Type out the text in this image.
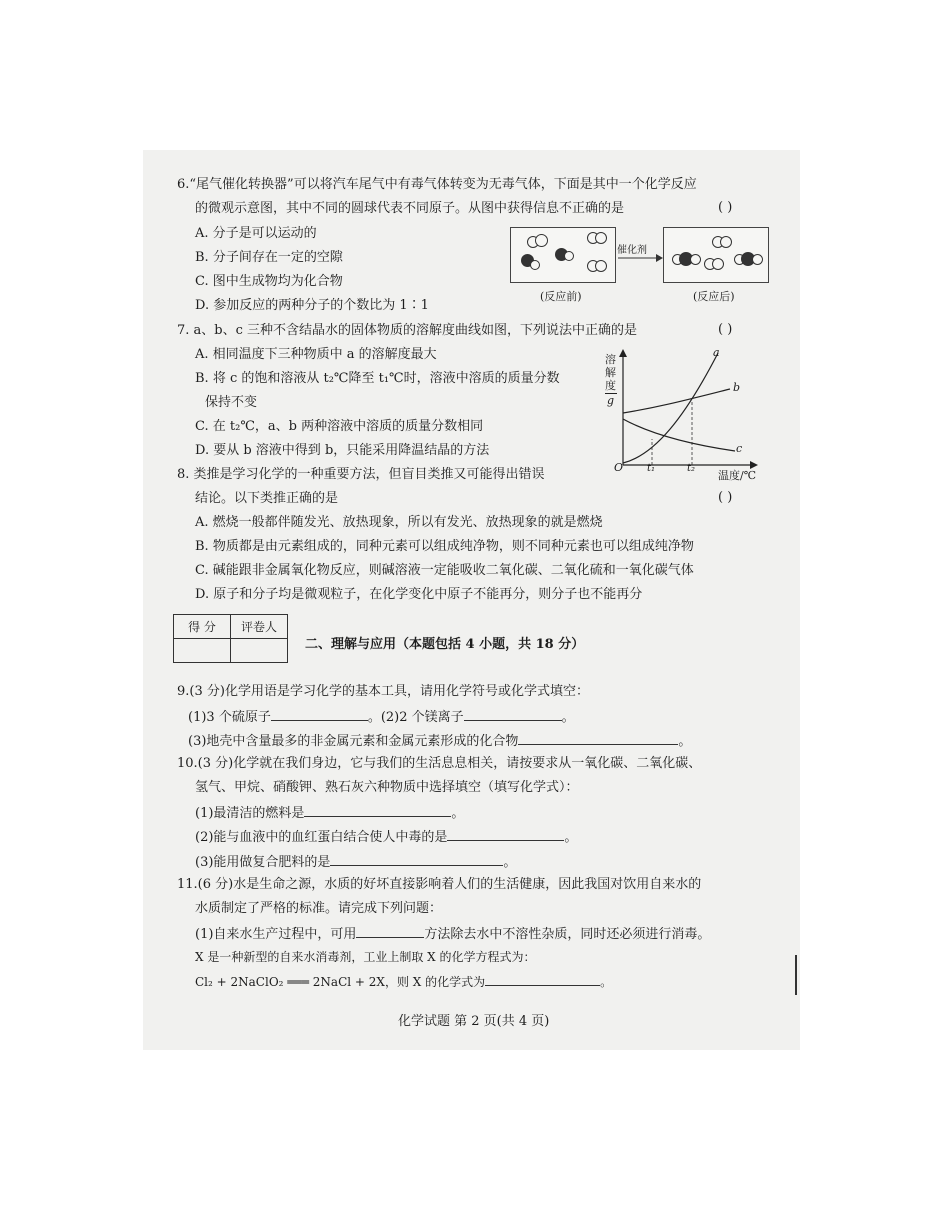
6.“尾气催化转换器”可以将汽车尾气中有毒气体转变为无毒气体，下面是其中一个化学反应
的微观示意图，其中不同的圆球代表不同原子。从图中获得信息不正确的是	( )
A. 分子是可以运动的
B. 分子间存在一定的空隙
C. 图中生成物均为化合物
D. 参加反应的两种分子的个数比为 1∶1
催化剂
(反应前)	(反应后)
7. a、b、c 三种不含结晶水的固体物质的溶解度曲线如图，下列说法中正确的是	( )
A. 相同温度下三种物质中 a 的溶解度最大
B. 将 c 的饱和溶液从 t₂℃降至 t₁℃时，溶液中溶质的质量分数
保持不变
C. 在 t₂℃，a、b 两种溶液中溶质的质量分数相同
D. 要从 b 溶液中得到 b，只能采用降温结晶的方法
溶
解
度
g
a
b
c
O t₁	t₂
温度/℃
8. 类推是学习化学的一种重要方法，但盲目类推又可能得出错误
结论。以下类推正确的是	( )
A. 燃烧一般都伴随发光、放热现象，所以有发光、放热现象的就是燃烧
B. 物质都是由元素组成的，同种元素可以组成纯净物，则不同种元素也可以组成纯净物
C. 碱能跟非金属氧化物反应，则碱溶液一定能吸收二氧化碳、二氧化硫和一氧化碳气体
D. 原子和分子均是微观粒子，在化学变化中原子不能再分，则分子也不能再分
得 分	评卷人

二、理解与应用（本题包括 4 小题，共 18 分）
9.(3 分)化学用语是学习化学的基本工具，请用化学符号或化学式填空：
(1)3 个硫原子	。(2)2 个镁离子	。
(3)地壳中含量最多的非金属元素和金属元素形成的化合物	。
10.(3 分)化学就在我们身边，它与我们的生活息息相关，请按要求从一氧化碳、二氧化碳、
氢气、甲烷、硝酸钾、熟石灰六种物质中选择填空（填写化学式）：
(1)最清洁的燃料是	。
(2)能与血液中的血红蛋白结合使人中毒的是	。
(3)能用做复合肥料的是	。
11.(6 分)水是生命之源，水质的好坏直接影响着人们的生活健康，因此我国对饮用自来水的
水质制定了严格的标准。请完成下列问题：
(1)自来水生产过程中，可用	方法除去水中不溶性杂质，同时还必须进行消毒。
X 是一种新型的自来水消毒剂，工业上制取 X 的化学方程式为：
Cl₂ + 2NaClO₂ ═══ 2NaCl + 2X，则 X 的化学式为	。
化学试题 第 2 页(共 4 页)
